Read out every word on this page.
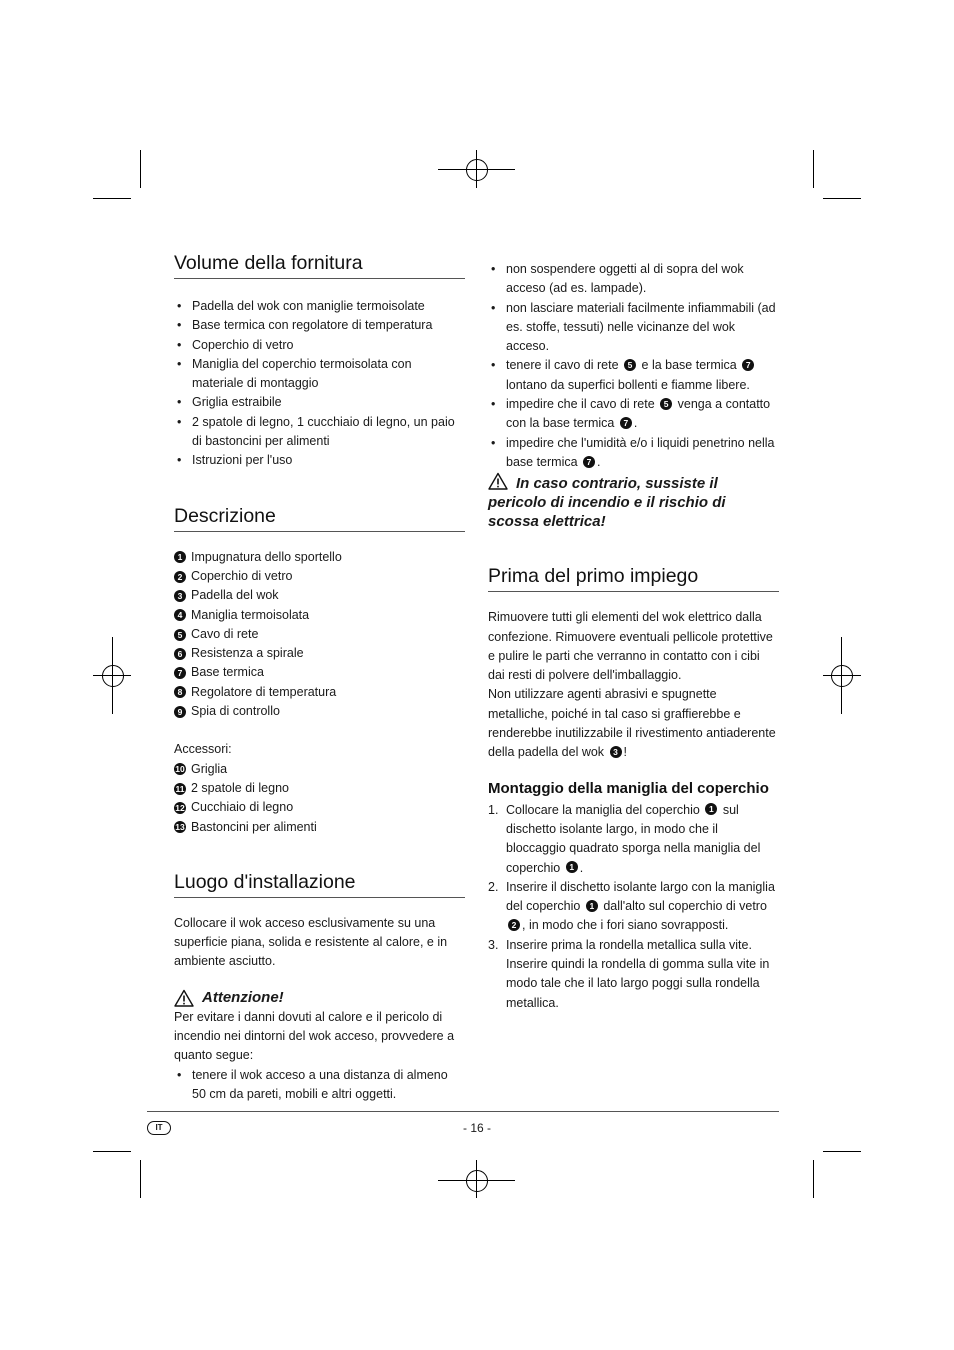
Volume della fornitura
• Padella del wok con maniglie termoisolate
• Base termica con regolatore di temperatura
• Coperchio di vetro
• Maniglia del coperchio termoisolata con materiale di montaggio
• Griglia estraibile
• 2 spatole di legno, 1 cucchiaio di legno, un paio di bastoncini per alimenti
• Istruzioni per l'uso
Descrizione
1 Impugnatura dello sportello
2 Coperchio di vetro
3 Padella del wok
4 Maniglia termoisolata
5 Cavo di rete
6 Resistenza a spirale
7 Base termica
8 Regolatore di temperatura
9 Spia di controllo

Accessori:

10 Griglia
11 2 spatole di legno
12 Cucchiaio di legno
13 Bastoncini per alimenti
Luogo d'installazione

Collocare il wok acceso esclusivamente su una superficie piana, solida e resistente al calore, e in ambiente asciutto.

Attenzione!

Per evitare i danni dovuti al calore e il pericolo di incendio nei dintorni del wok acceso, provvedere a quanto segue:

• tenere il wok acceso a una distanza di almeno 50 cm da pareti, mobili e altri oggetti.
• non sospendere oggetti al di sopra del wok acceso (ad es. lampade).
• non lasciare materiali facilmente infiammabili (ad es. stoffe, tessuti) nelle vicinanze del wok acceso.
• tenere il cavo di rete 5 e la base termica 7 lontano da superfici bollenti e fiamme libere.
• impedire che il cavo di rete 5 venga a contatto con la base termica 7 .
• impedire che l'umidità e/o i liquidi penetrino nella base termica 7 .
In caso contrario, sussiste il pericolo di incendio e il rischio di scossa elettrica!
Prima del primo impiego

Rimuovere tutti gli elementi del wok elettrico dalla confezione. Rimuovere eventuali pellicole protettive e pulire le parti che verranno in contatto con i cibi dai resti di polvere dell'imballaggio.

Non utilizzare agenti abrasivi e spugnette metalliche, poiché in tal caso si graffierebbe e renderebbe inutilizzabile il rivestimento antiaderente della padella del wok 3 !

Montaggio della maniglia del coperchio
1. Collocare la maniglia del coperchio 1 sul dischetto isolante largo, in modo che il bloccaggio quadrato sporga nella maniglia del coperchio 1 .
2. Inserire il dischetto isolante largo con la maniglia del coperchio 1 dall'alto sul coperchio di vetro 2 , in modo che i fori siano sovrapposti.
3. Inserire prima la rondella metallica sulla vite. Inserire quindi la rondella di gomma sulla vite in modo tale che il lato largo poggi sulla rondella metallica.
IT	- 16 -
